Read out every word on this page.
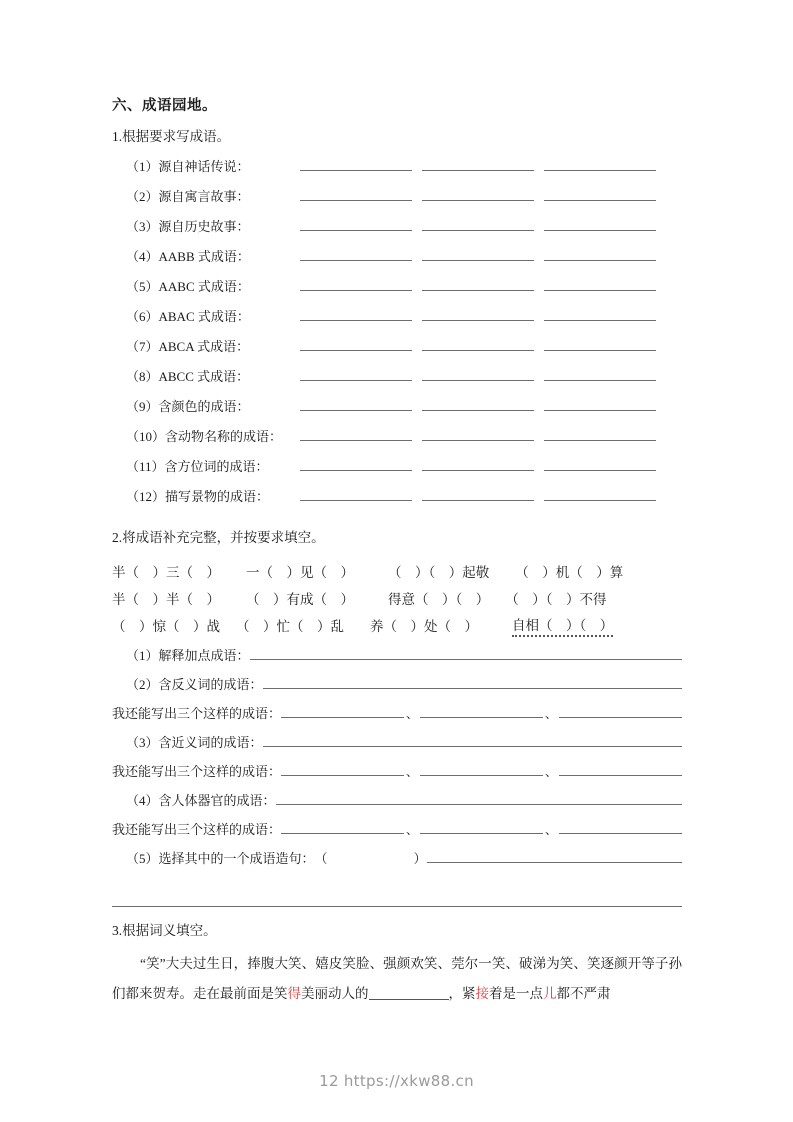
六、成语园地。
1.根据要求写成语。
（1）源自神话传说：
（2）源自寓言故事：
（3）源自历史故事：
（4）AABB 式成语：
（5）AABC 式成语：
（6）ABAC 式成语：
（7）ABCA 式成语：
（8）ABCC 式成语：
（9）含颜色的成语：
（10）含动物名称的成语：
（11）含方位词的成语：
（12）描写景物的成语：
2.将成语补充完整，并按要求填空。
半（　）三（　） 一（　）见（　）	（　）（　）起敬 （　）机（　）算
半（　）半（　） （　）有成（　）	得意（　）（　） （　）（　）不得
（　）惊（　）战 （　）忙（　）乱 养（　）处（　）	自相（　）（　）
（1）解释加点成语：
（2）含反义词的成语：
我还能写出三个这样的成语：	、	、
（3）含近义词的成语：
我还能写出三个这样的成语：	、	、
（4）含人体器官的成语：
我还能写出三个这样的成语：	、	、
（5）选择其中的一个成语造句： （	）
3.根据词义填空。
“笑”大夫过生日，捧腹大笑、嬉皮笑脸、强颜欢笑、莞尔一笑、破涕为笑、笑逐颜开等子孙们都来贺寿。走在最前面是笑得美丽动人的	，紧接着是一点儿都不严肃
12 https://xkw88.cn
